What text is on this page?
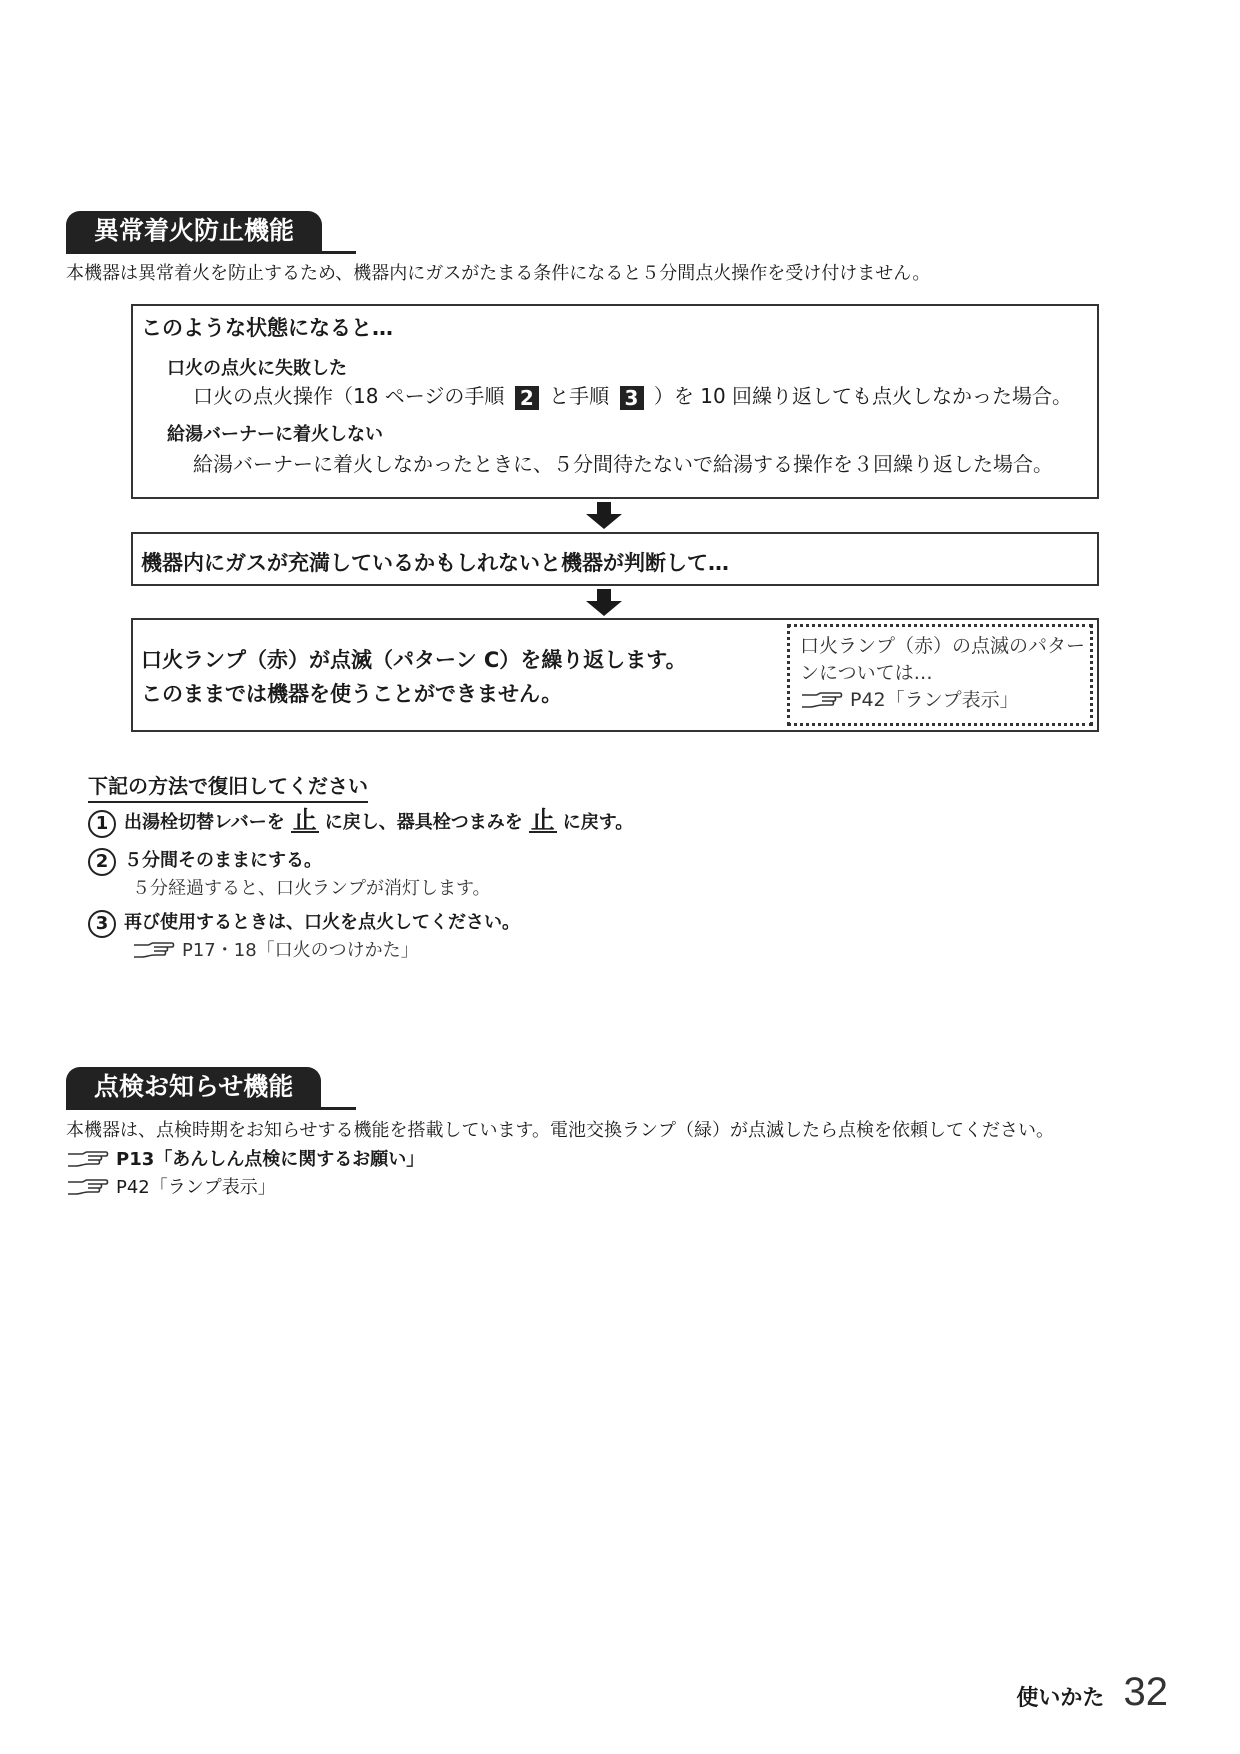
異常着火防止機能
本機器は異常着火を防止するため、機器内にガスがたまる条件になると５分間点火操作を受け付けません。
このような状態になると…
口火の点火に失敗した
口火の点火操作（18 ページの手順 2 と手順 3 ）を 10 回繰り返しても点火しなかった場合。
給湯バーナーに着火しない
給湯バーナーに着火しなかったときに、５分間待たないで給湯する操作を３回繰り返した場合。
機器内にガスが充満しているかもしれないと機器が判断して…
口火ランプ（赤）が点滅（パターン C）を繰り返します。
このままでは機器を使うことができません。
口火ランプ（赤）の点滅のパター
ンについては…
P42「ランプ表示」
下記の方法で復旧してください
1 出湯栓切替レバーを 止 に戻し、器具栓つまみを 止 に戻す。
2 ５分間そのままにする。
５分経過すると、口火ランプが消灯します。
3 再び使用するときは、口火を点火してください。
P17・18「口火のつけかた」
点検お知らせ機能
本機器は、点検時期をお知らせする機能を搭載しています。電池交換ランプ（緑）が点滅したら点検を依頼してください。
P13「あんしん点検に関するお願い」
P42「ランプ表示」
使いかた 32
